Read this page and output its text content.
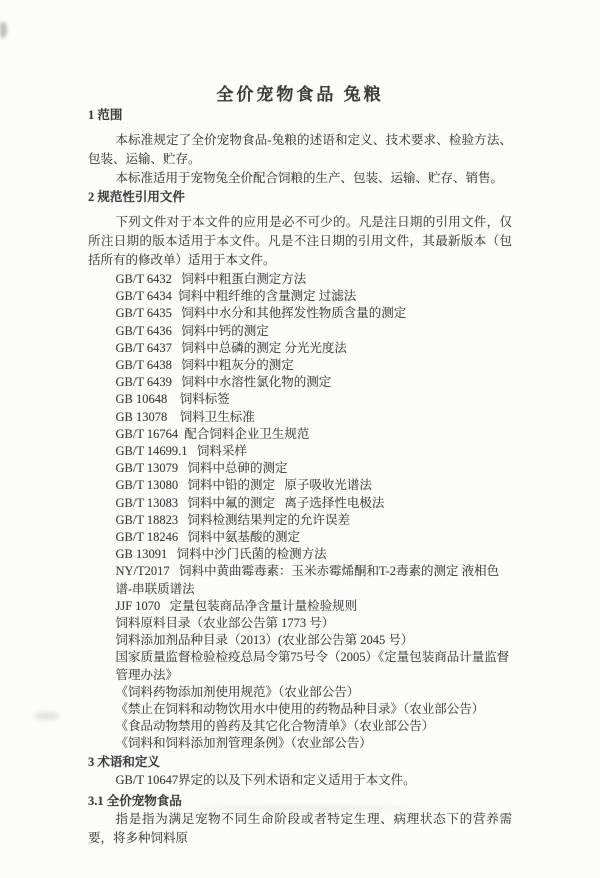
全价宠物食品 兔粮
1 范围

本标准规定了全价宠物食品-兔粮的述语和定义、技术要求、检验方法、包装、运输、贮存。

本标准适用于宠物兔全价配合饲粮的生产、包装、运输、贮存、销售。

2 规范性引用文件

下列文件对于本文件的应用是必不可少的。凡是注日期的引用文件，仅所注日期的版本适用于本文件。凡是不注日期的引用文件，其最新版本（包括所有的修改单）适用于本文件。

GB/T 6432   饲料中粗蛋白测定方法
GB/T 6434  饲料中粗纤维的含量测定 过滤法
GB/T 6435   饲料中水分和其他挥发性物质含量的测定
GB/T 6436   饲料中钙的测定
GB/T 6437   饲料中总磷的测定 分光光度法
GB/T 6438   饲料中粗灰分的测定
GB/T 6439   饲料中水溶性氯化物的测定
GB 10648    饲料标签
GB 13078    饲料卫生标准
GB/T 16764  配合饲料企业卫生规范
GB/T 14699.1   饲料采样
GB/T 13079   饲料中总砷的测定
GB/T 13080   饲料中铅的测定   原子吸收光谱法
GB/T 13083   饲料中氟的测定   离子选择性电极法
GB/T 18823   饲料检测结果判定的允许误差
GB/T 18246   饲料中氨基酸的测定
GB 13091   饲料中沙门氏菌的检测方法
NY/T2017   饲料中黄曲霉毒素：玉米赤霉烯酮和T-2毒素的测定 液相色谱-串联质谱法
JJF 1070   定量包装商品净含量计量检验规则
饲料原料目录（农业部公告第 1773 号）
饲料添加剂品种目录（2013）(农业部公告第 2045 号）
国家质量监督检验检疫总局令第75号令（2005）《定量包装商品计量监督管理办法》
《饲料药物添加剂使用规范》（农业部公告）
《禁止在饲料和动物饮用水中使用的药物品种目录》（农业部公告）
《食品动物禁用的兽药及其它化合物清单》（农业部公告）
《饲料和饲料添加剂管理条例》（农业部公告）
3 术语和定义

GB/T 10647界定的以及下列术语和定义适用于本文件。

3.1 全价宠物食品

指是指为满足宠物不同生命阶段或者特定生理、病理状态下的营养需要，将多种饲料原
